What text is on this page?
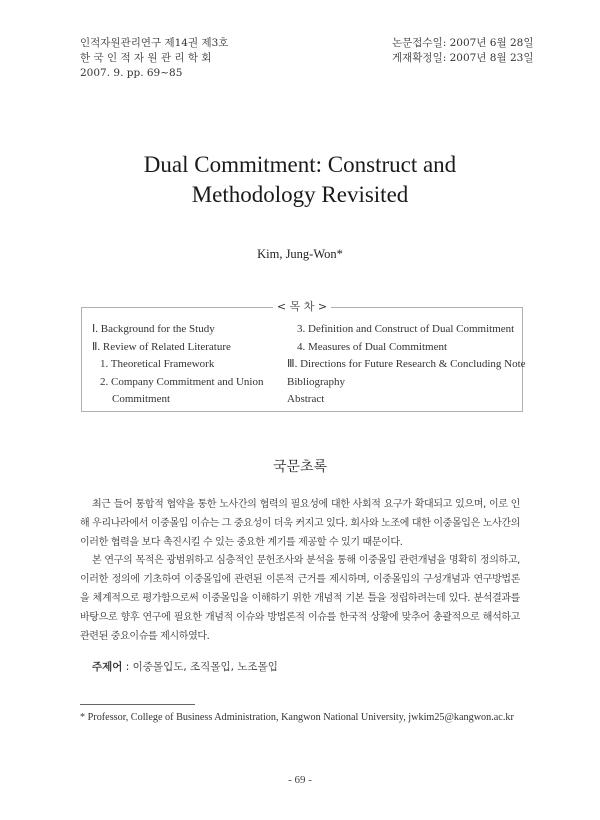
인적자원관리연구 제14권 제3호
한 국 인 적 자 원 관 리 학 회
2007. 9. pp. 69~85
논문접수일: 2007년 6월 28일
게재확정일: 2007년 8월 23일
Dual Commitment: Construct and
Methodology Revisited
Kim, Jung-Won*
< 목 차 >
Ⅰ. Background for the Study
Ⅱ. Review of Related Literature
1. Theoretical Framework
2. Company Commitment and Union
Commitment
3. Definition and Construct of Dual Commitment
4. Measures of Dual Commitment
Ⅲ. Directions for Future Research & Concluding Note
Bibliography
Abstract
국문초록

최근 들어 통합적 협약을 통한 노사간의 협력의 필요성에 대한 사회적 요구가 확대되고 있으며, 이로 인해 우리나라에서 이중몰입 이슈는 그 중요성이 더욱 커지고 있다. 회사와 노조에 대한 이중몰입은 노사간의 이러한 협력을 보다 촉진시킬 수 있는 중요한 계기를 제공할 수 있기 때문이다.

본 연구의 목적은 광범위하고 심층적인 문헌조사와 분석을 통해 이중몰입 관련개념을 명확히 정의하고, 이러한 정의에 기초하여 이중몰입에 관련된 이론적 근거를 제시하며, 이중몰입의 구성개념과 연구방법론을 체계적으로 평가함으로써 이중몰입을 이해하기 위한 개념적 기본 틀을 정립하려는데 있다. 분석결과를 바탕으로 향후 연구에 필요한 개념적 이슈와 방법론적 이슈를 한국적 상황에 맞추어 총괄적으로 해석하고 관련된 중요이슈를 제시하였다.

주제어 : 이중몰입도, 조직몰입, 노조몰입
* Professor, College of Business Administration, Kangwon National University, jwkim25@kangwon.ac.kr
- 69 -
